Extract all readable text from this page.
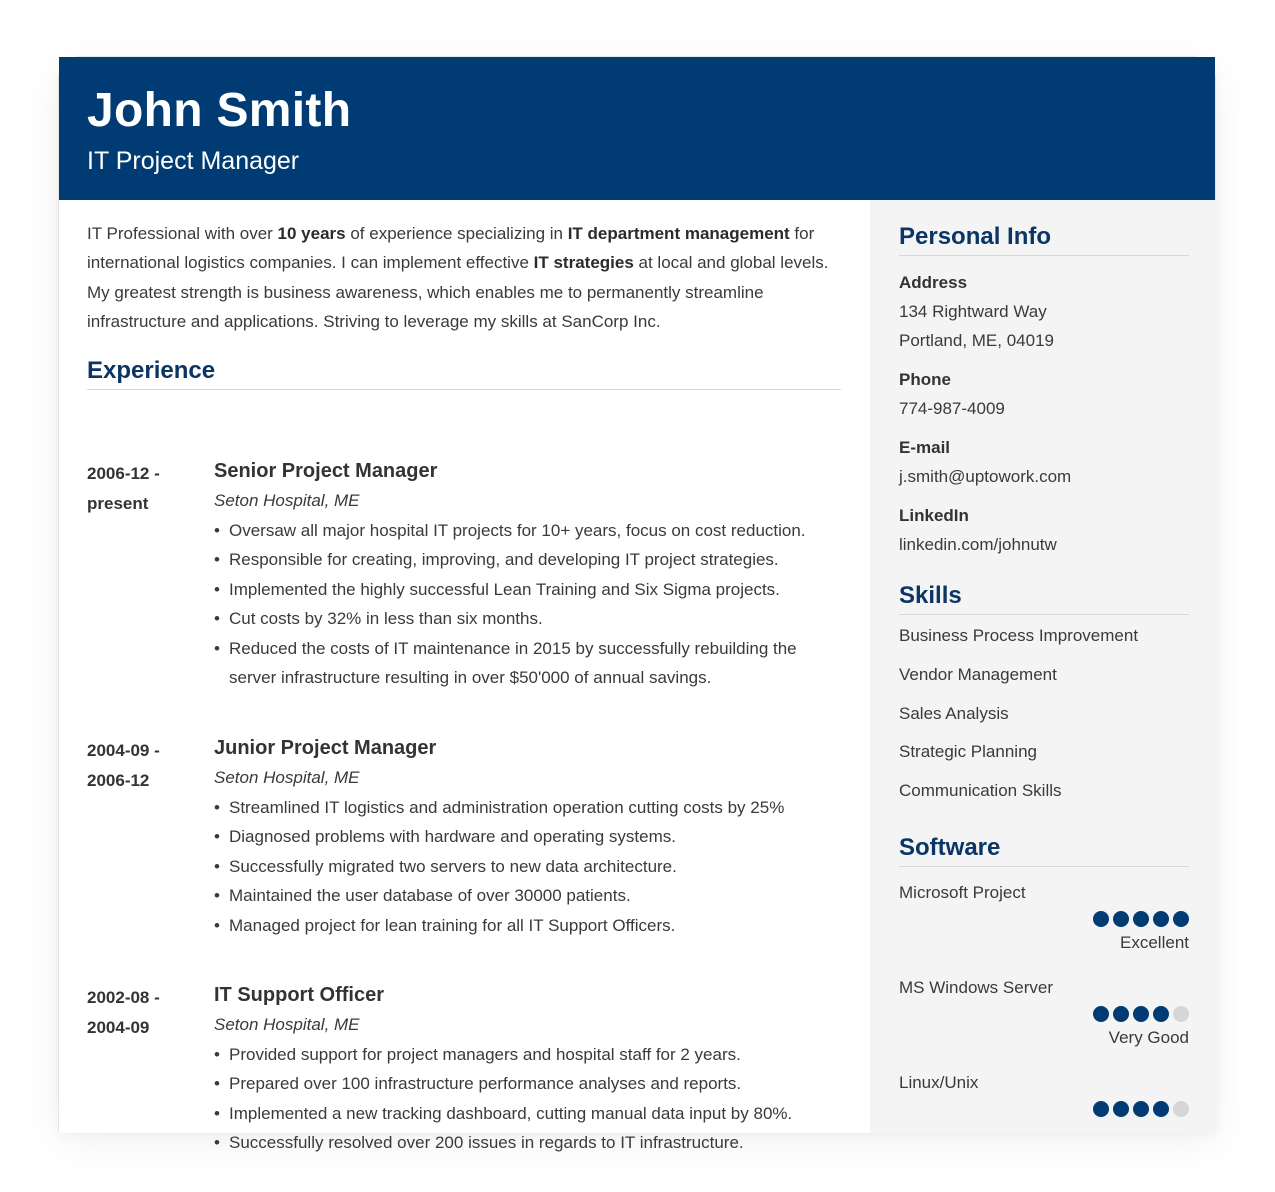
John Smith
IT Project Manager

IT Professional with over 10 years of experience specializing in IT department management for international logistics companies. I can implement effective IT strategies at local and global levels. My greatest strength is business awareness, which enables me to permanently streamline infrastructure and applications. Striving to leverage my skills at SanCorp Inc.

Experience
2006-12 -
present
Senior Project Manager
Seton Hospital, ME
• Oversaw all major hospital IT projects for 10+ years, focus on cost reduction.
• Responsible for creating, improving, and developing IT project strategies.
• Implemented the highly successful Lean Training and Six Sigma projects.
• Cut costs by 32% in less than six months.
• Reduced the costs of IT maintenance in 2015 by successfully rebuilding the server infrastructure resulting in over $50'000 of annual savings.
2004-09 -
2006-12
Junior Project Manager
Seton Hospital, ME
• Streamlined IT logistics and administration operation cutting costs by 25%
• Diagnosed problems with hardware and operating systems.
• Successfully migrated two servers to new data architecture.
• Maintained the user database of over 30000 patients.
• Managed project for lean training for all IT Support Officers.
2002-08 -
2004-09
IT Support Officer
Seton Hospital, ME
• Provided support for project managers and hospital staff for 2 years.
• Prepared over 100 infrastructure performance analyses and reports.
• Implemented a new tracking dashboard, cutting manual data input by 80%.
• Successfully resolved over 200 issues in regards to IT infrastructure.
Personal Info
Address
134 Rightward Way
Portland, ME, 04019
Phone
774-987-4009
E-mail
j.smith@uptowork.com
LinkedIn
linkedin.com/johnutw
Skills
Business Process Improvement
Vendor Management
Sales Analysis
Strategic Planning
Communication Skills
Software
Microsoft Project
Excellent
MS Windows Server
Very Good
Linux/Unix
